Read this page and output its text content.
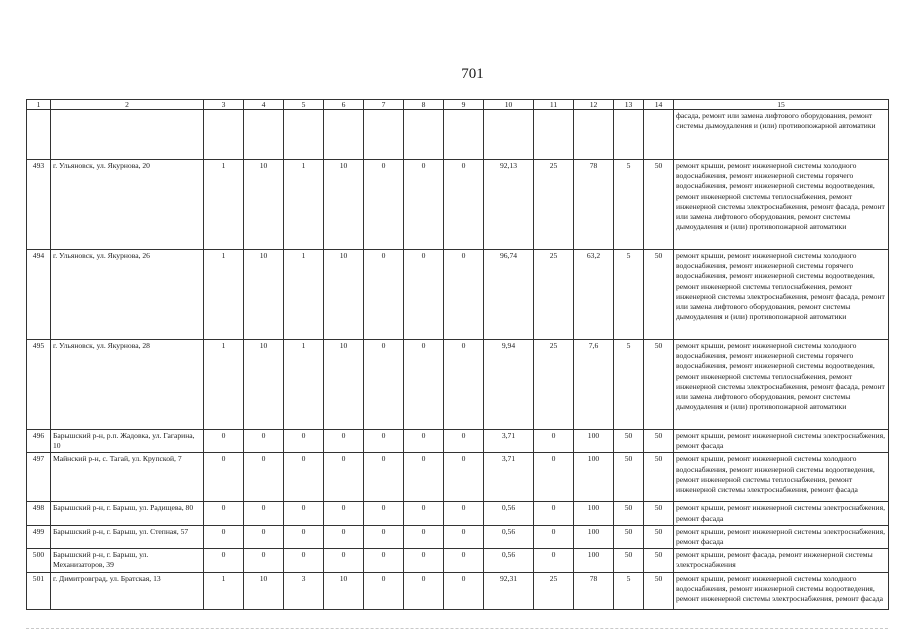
701
1	2	3	4	5	6	7	8	9	10	11	12	13	14	15
														фасада, ремонт или замена лифтового оборудования, ремонт системы дымоудаления и (или) противопожарной автоматики
493	г. Ульяновск, ул. Якурнова, 20	1	10	1	10	0	0	0	92,13	25	78	5	50	ремонт крыши, ремонт инженерной системы холодного водоснабжения, ремонт инженерной системы горячего водоснабжения, ремонт инженерной системы водоотведения, ремонт инженерной системы теплоснабжения, ремонт инженерной системы электроснабжения, ремонт фасада, ремонт или замена лифтового оборудования, ремонт системы дымоудаления и (или) противопожарной автоматики
494	г. Ульяновск, ул. Якурнова, 26	1	10	1	10	0	0	0	96,74	25	63,2	5	50	ремонт крыши, ремонт инженерной системы холодного водоснабжения, ремонт инженерной системы горячего водоснабжения, ремонт инженерной системы водоотведения, ремонт инженерной системы теплоснабжения, ремонт инженерной системы электроснабжения, ремонт фасада, ремонт или замена лифтового оборудования, ремонт системы дымоудаления и (или) противопожарной автоматики
495	г. Ульяновск, ул. Якурнова, 28	1	10	1	10	0	0	0	9,94	25	7,6	5	50	ремонт крыши, ремонт инженерной системы холодного водоснабжения, ремонт инженерной системы горячего водоснабжения, ремонт инженерной системы водоотведения, ремонт инженерной системы теплоснабжения, ремонт инженерной системы электроснабжения, ремонт фасада, ремонт или замена лифтового оборудования, ремонт системы дымоудаления и (или) противопожарной автоматики
496	Барышский р-н, р.п. Жадовка, ул. Гагарина, 10	0	0	0	0	0	0	0	3,71	0	100	50	50	ремонт крыши, ремонт инженерной системы электроснабжения, ремонт фасада
497	Майнский р-н, с. Тагай, ул. Крупской, 7	0	0	0	0	0	0	0	3,71	0	100	50	50	ремонт крыши, ремонт инженерной системы холодного водоснабжения, ремонт инженерной системы водоотведения, ремонт инженерной системы теплоснабжения, ремонт инженерной системы электроснабжения, ремонт фасада
498	Барышский р-н, г. Барыш, ул. Радищева, 80	0	0	0	0	0	0	0	0,56	0	100	50	50	ремонт крыши, ремонт инженерной системы электроснабжения, ремонт фасада
499	Барышский р-н, г. Барыш, ул. Степная, 57	0	0	0	0	0	0	0	0,56	0	100	50	50	ремонт крыши, ремонт инженерной системы электроснабжения, ремонт фасада
500	Барышский р-н, г. Барыш, ул. Механизаторов, 39	0	0	0	0	0	0	0	0,56	0	100	50	50	ремонт крыши, ремонт фасада, ремонт инженерной системы электроснабжения
501	г. Димитровград, ул. Братская, 13	1	10	3	10	0	0	0	92,31	25	78	5	50	ремонт крыши, ремонт инженерной системы холодного водоснабжения, ремонт инженерной системы водоотведения, ремонт инженерной системы электроснабжения, ремонт фасада
